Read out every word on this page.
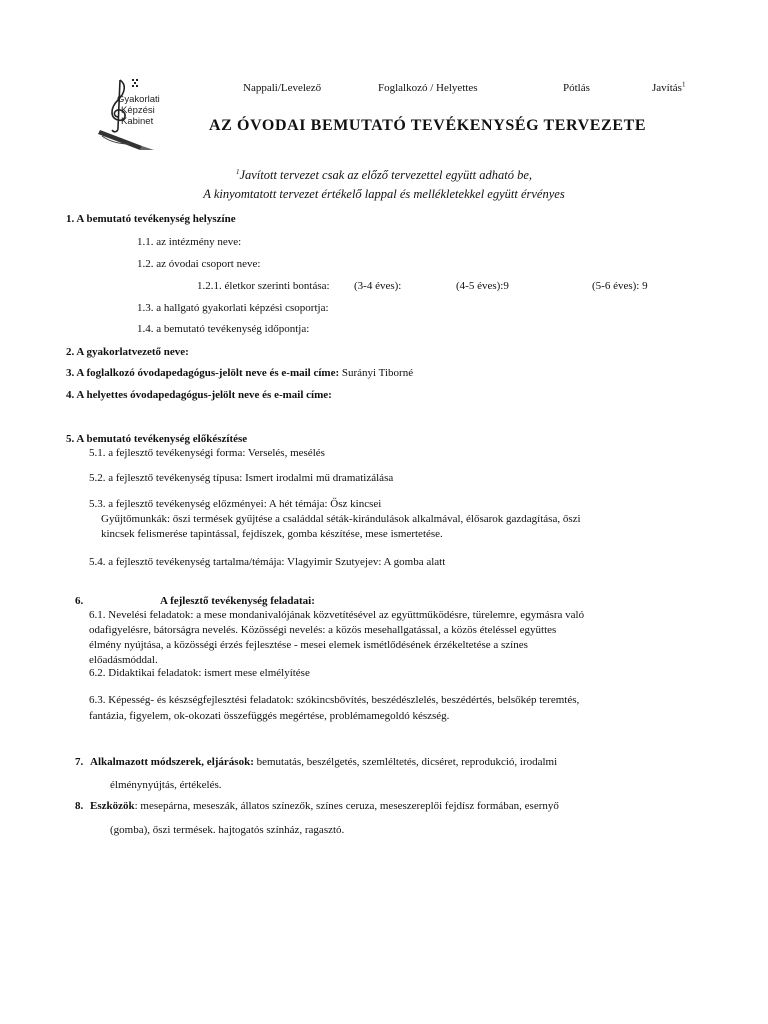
Gyakorlati
Képzési
Kabinet
Nappali/Levelező	Foglalkozó / Helyettes	Pótlás	Javítás$^1$
AZ ÓVODAI BEMUTATÓ TEVÉKENYSÉG TERVEZETE
$^1$Javított tervezet csak az előző tervezettel együtt adható be,
A kinyomtatott tervezet értékelő lappal és mellékletekkel együtt érvényes
1. A bemutató tevékenység helyszíne
1.1. az intézmény neve:
1.2. az óvodai csoport neve:
1.2.1. életkor szerinti bontása: (3-4 éves):	(4-5 éves):9	(5-6 éves): 9
1.3. a hallgató gyakorlati képzési csoportja:
1.4. a bemutató tevékenység időpontja:
2. A gyakorlatvezető neve:
3. A foglalkozó óvodapedagógus-jelölt neve és e-mail címe: Surányi Tiborné
4. A helyettes óvodapedagógus-jelölt neve és e-mail címe:
5. A bemutató tevékenység előkészítése
5.1. a fejlesztő tevékenységi forma: Verselés, mesélés
5.2. a fejlesztő tevékenység típusa: Ismert irodalmi mű dramatizálása
5.3. a fejlesztő tevékenység előzményei: A hét témája: Ősz kincsei
Gyűjtőmunkák: őszi termések gyűjtése a családdal séták-kirándulások alkalmával, élősarok gazdagítása, őszi
kincsek felismerése tapintással, fejdíszek, gomba készítése, mese ismertetése.
5.4. a fejlesztő tevékenység tartalma/témája: Vlagyimir Szutyejev: A gomba alatt
6.	A fejlesztő tevékenység feladatai:
6.1. Nevelési feladatok: a mese mondanivalójának közvetítésével az együttműködésre, türelemre, egymásra való
odafigyelésre, bátorságra nevelés. Közösségi nevelés: a közös mesehallgatással, a közös ételéssel együttes
élmény nyújtása, a közösségi érzés fejlesztése - mesei elemek ismétlődésének érzékeltetése a színes
előadásmóddal.
6.2. Didaktikai feladatok: ismert mese elmélyítése
6.3. Képesség- és készségfejlesztési feladatok: szókincsbővítés, beszédészlelés, beszédértés, belsőkép teremtés,
fantázia, figyelem, ok-okozati összefüggés megértése, problémamegoldó készség.
7. Alkalmazott módszerek, eljárások: bemutatás, beszélgetés, szemléltetés, dicséret, reprodukció, irodalmi
élménynyújtás, értékelés.
8. Eszközök: mesepárna, meseszák, állatos színezők, színes ceruza, meseszereplői fejdísz formában, esernyő
(gomba), őszi termések. hajtogatós színház, ragasztó.
